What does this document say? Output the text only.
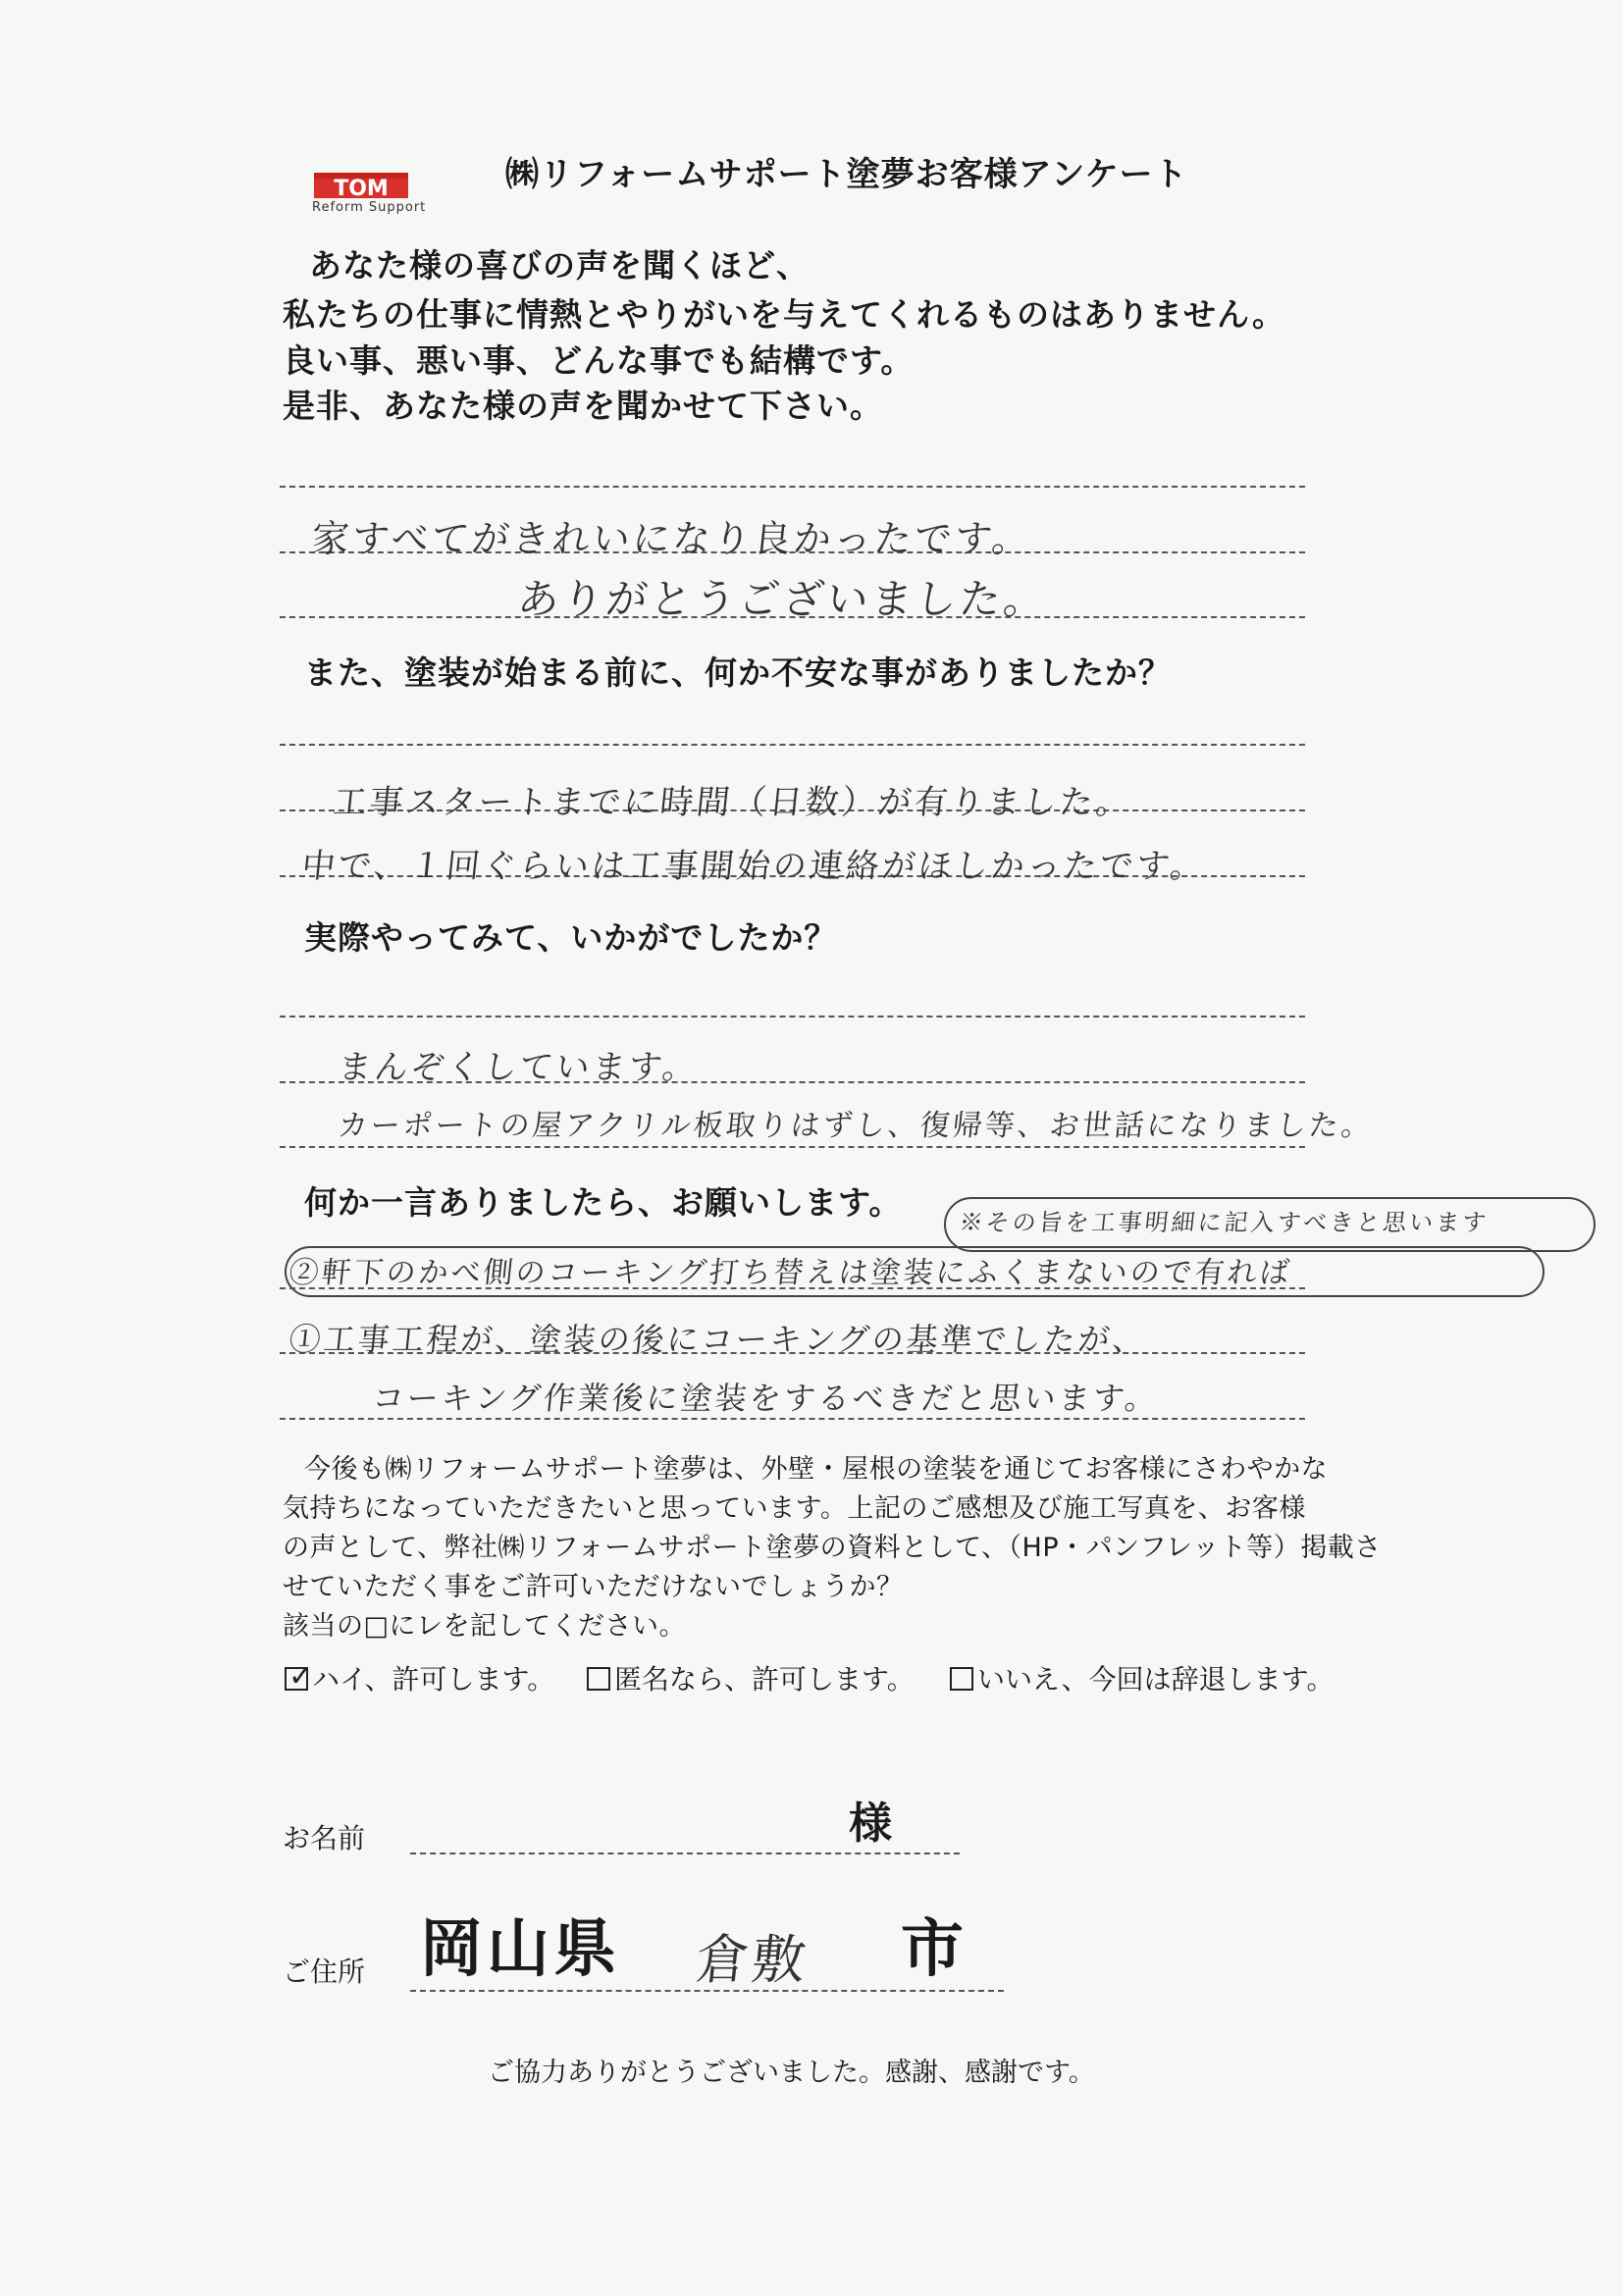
TOM
Reform Support
㈱リフォームサポート塗夢お客様アンケート
あなた様の喜びの声を聞くほど、
私たちの仕事に情熱とやりがいを与えてくれるものはありません。
良い事、悪い事、どんな事でも結構です。
是非、あなた様の声を聞かせて下さい。
家すべてがきれいになり良かったです。
ありがとうございました。
また、塗装が始まる前に、何か不安な事がありましたか？
工事スタートまでに時間（日数）が有りました。
中で、１回ぐらいは工事開始の連絡がほしかったです。
実際やってみて、いかがでしたか？
まんぞくしています。
カーポートの屋アクリル板取りはずし、復帰等、お世話になりました。
何か一言ありましたら、お願いします。
※その旨を工事明細に記入すべきと思います
②軒下のかべ側のコーキング打ち替えは塗装にふくまないので有れば
①工事工程が、塗装の後にコーキングの基準でしたが、
コーキング作業後に塗装をするべきだと思います。
今後も㈱リフォームサポート塗夢は、外壁・屋根の塗装を通じてお客様にさわやかな
気持ちになっていただきたいと思っています。上記のご感想及び施工写真を、お客様
の声として、弊社㈱リフォームサポート塗夢の資料として、（HP・パンフレット等）掲載さ
せていただく事をご許可いただけないでしょうか？
該当の□にレを記してください。
✓
ハイ、許可します。	匿名なら、許可します。	いいえ、今回は辞退します。
お名前	様
ご住所 岡山県 倉敷 市
ご協力ありがとうございました。感謝、感謝です。
